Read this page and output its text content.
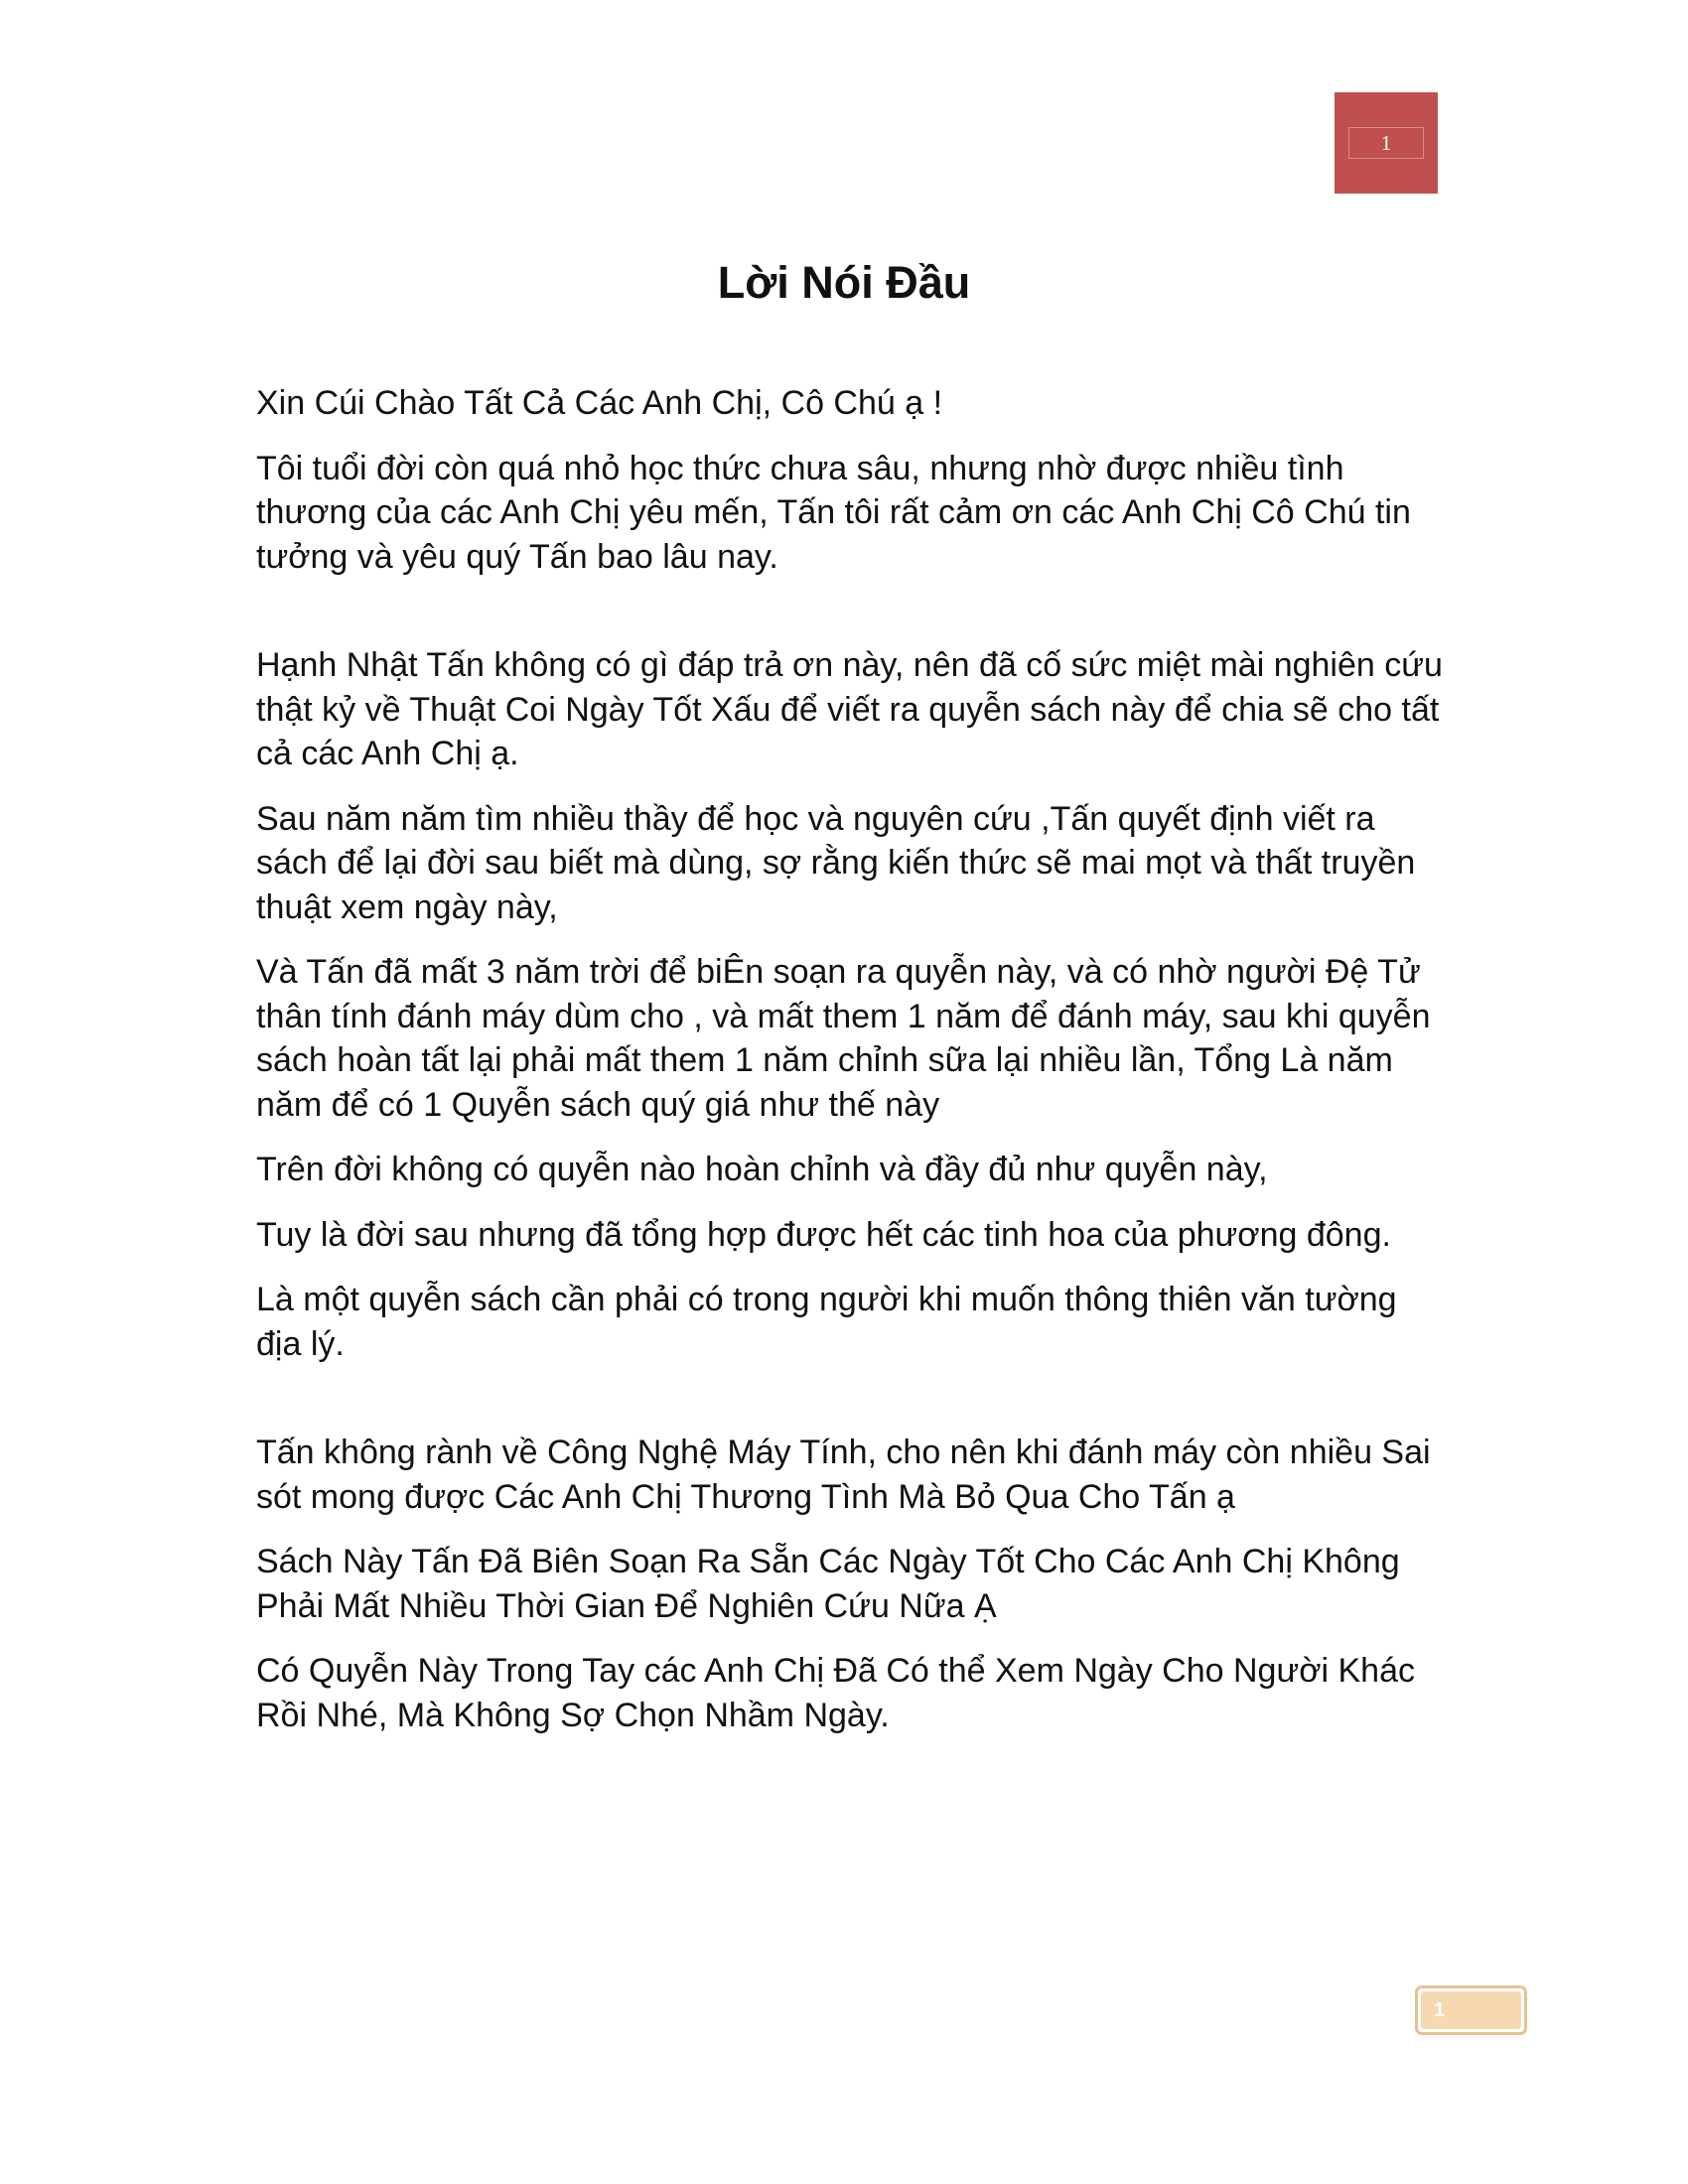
1
Lời Nói Đầu

Xin Cúi Chào Tất Cả Các Anh Chị, Cô Chú ạ !

Tôi tuổi đời còn quá nhỏ học thức chưa sâu, nhưng nhờ được nhiều tình thương của các Anh Chị yêu mến, Tấn tôi rất cảm ơn các Anh Chị Cô Chú tin tưởng và yêu quý Tấn bao lâu nay.

Hạnh Nhật Tấn không có gì đáp trả ơn này, nên đã cố sức miệt mài nghiên cứu thật kỷ về Thuật Coi Ngày Tốt Xấu để viết ra quyễn sách này để chia sẽ cho tất cả các Anh Chị ạ.

Sau năm năm tìm nhiều thầy để học và nguyên cứu ,Tấn quyết định viết ra sách để lại đời sau biết mà dùng, sợ rằng kiến thức sẽ mai mọt và thất truyền thuật xem ngày này,

Và Tấn đã mất 3 năm trời để biÊn soạn ra quyễn này, và có nhờ người Đệ Tử thân tính đánh máy dùm cho , và mất them 1 năm để đánh máy, sau khi quyễn sách hoàn tất lại phải mất them 1 năm chỉnh sữa lại nhiều lần, Tổng Là năm năm để có 1 Quyễn sách quý giá như thế này

Trên đời không có quyễn nào hoàn chỉnh và đầy đủ như quyễn này,

Tuy là đời sau nhưng đã tổng hợp được hết các tinh hoa của phương đông.

Là một quyễn sách cần phải có trong người khi muốn thông thiên văn tường địa lý.

Tấn không rành về Công Nghệ Máy Tính, cho nên khi đánh máy còn nhiều Sai sót mong được Các Anh Chị Thương Tình Mà Bỏ Qua Cho Tấn ạ

Sách Này Tấn Đã Biên Soạn Ra Sẵn Các Ngày Tốt Cho Các Anh Chị Không Phải Mất Nhiều Thời Gian Để Nghiên Cứu Nữa Ạ

Có Quyễn Này Trong Tay các Anh Chị Đã Có thể Xem Ngày Cho Người Khác Rồi Nhé, Mà Không Sợ Chọn Nhầm Ngày.

1
